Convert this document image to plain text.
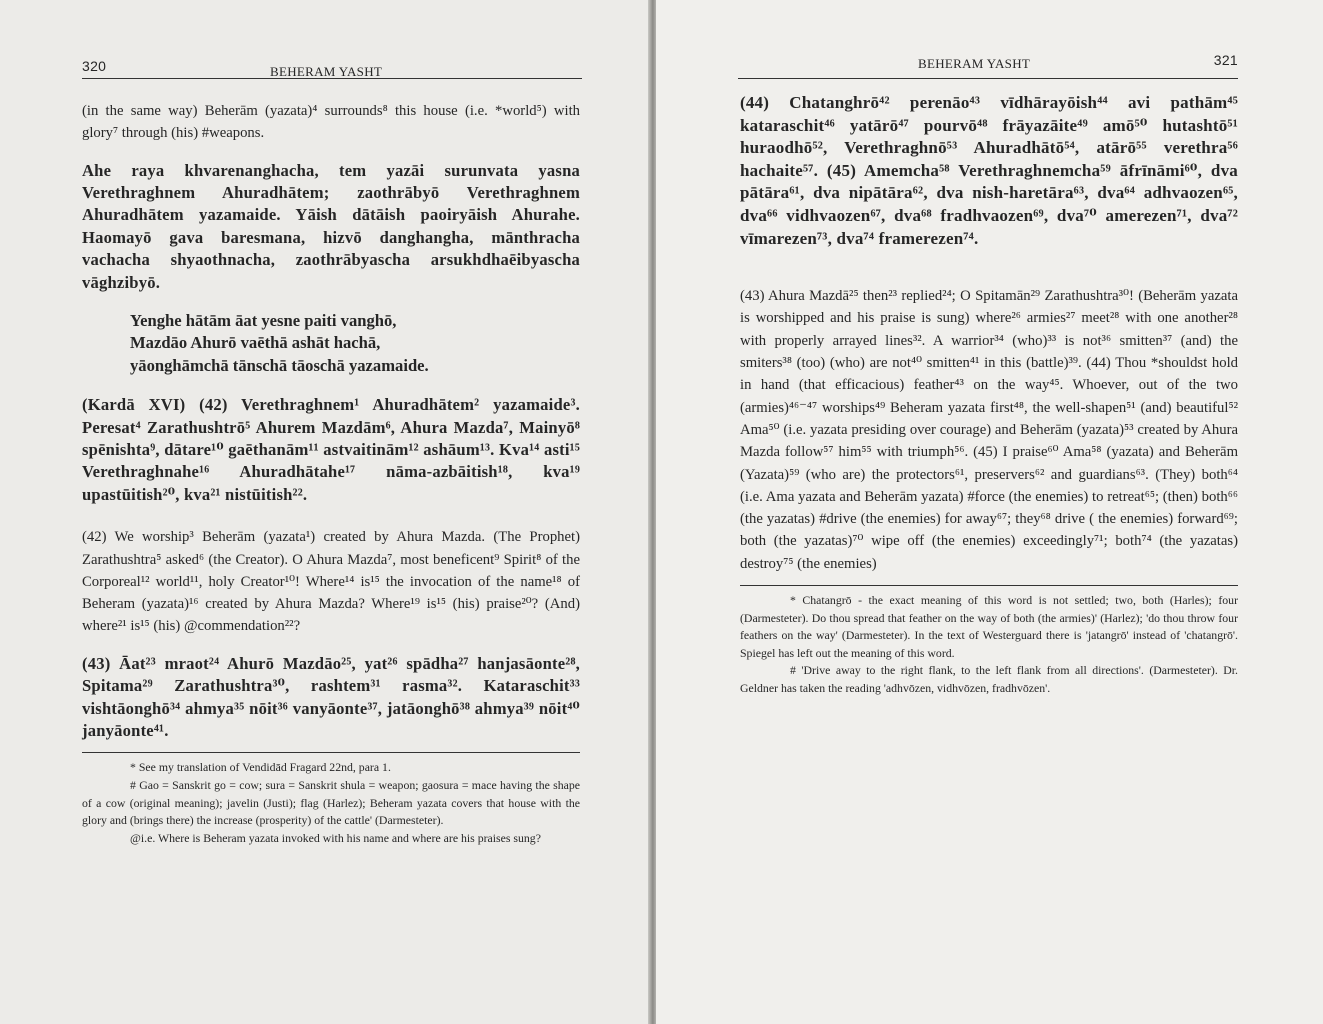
320	BEHERAM YASHT

(in the same way) Beherām (yazata)⁴ surrounds⁸ this house (i.e. *world⁵) with glory⁷ through (his) #weapons.

Ahe raya khvarenanghacha, tem yazāi surunvata yasna Verethraghnem Ahuradhātem; zaothrābyō Verethraghnem Ahuradhātem yazamaide. Yāish dātāish paoiryāish Ahurahe. Haomayō gava baresmana, hizvō danghangha, mānthracha vachacha shyaothnacha, zaothrābyascha arsukhdhaēibyascha vāghzibyō.

Yenghe hātām āat yesne paiti vanghō,
Mazdāo Ahurō vaēthā ashāt hachā,
yāonghāmchā tānschā tāoschā yazamaide.

(Kardā XVI) (42) Verethraghnem¹ Ahuradhātem² yazamaide³. Peresat⁴ Zarathushtrō⁵ Ahurem Mazdām⁶, Ahura Mazda⁷, Mainyō⁸ spēnishta⁹, dātare¹⁰ gaēthanām¹¹ astvaitinām¹² ashāum¹³. Kva¹⁴ asti¹⁵ Verethraghnahe¹⁶ Ahuradhātahe¹⁷ nāma-azbāitish¹⁸, kva¹⁹ upastūitish²⁰, kva²¹ nistūitish²².

(42) We worship³ Beherām (yazata¹) created by Ahura Mazda. (The Prophet) Zarathushtra⁵ asked⁶ (the Creator). O Ahura Mazda⁷, most beneficent⁹ Spirit⁸ of the Corporeal¹² world¹¹, holy Creator¹⁰! Where¹⁴ is¹⁵ the invocation of the name¹⁸ of Beheram (yazata)¹⁶ created by Ahura Mazda? Where¹⁹ is¹⁵ (his) praise²⁰? (And) where²¹ is¹⁵ (his) @commendation²²?

(43) Āat²³ mraot²⁴ Ahurō Mazdāo²⁵, yat²⁶ spādha²⁷ hanjasāonte²⁸, Spitama²⁹ Zarathushtra³⁰, rashtem³¹ rasma³². Kataraschit³³ vishtāonghō³⁴ ahmya³⁵ nōit³⁶ vanyāonte³⁷, jatāonghō³⁸ ahmya³⁹ nōit⁴⁰ janyāonte⁴¹.

* See my translation of Vendidād Fragard 22nd, para 1.

# Gao = Sanskrit go = cow; sura = Sanskrit shula = weapon; gaosura = mace having the shape of a cow (original meaning); javelin (Justi); flag (Harlez); Beheram yazata covers that house with the glory and (brings there) the increase (prosperity) of the cattle' (Darmesteter).

@i.e. Where is Beheram yazata invoked with his name and where are his praises sung?

BEHERAM YASHT	321

(44) Chatanghrō⁴² perenāo⁴³ vīdhārayōish⁴⁴ avi pathām⁴⁵ kataraschit⁴⁶ yatārō⁴⁷ pourvō⁴⁸ frāyazāite⁴⁹ amō⁵⁰ hutashtō⁵¹ huraodhō⁵², Verethraghnō⁵³ Ahuradhātō⁵⁴, atārō⁵⁵ verethra⁵⁶ hachaite⁵⁷. (45) Amemcha⁵⁸ Verethraghnemcha⁵⁹ āfrīnāmi⁶⁰, dva pātāra⁶¹, dva nipātāra⁶², dva nish-haretāra⁶³, dva⁶⁴ adhvaozen⁶⁵, dva⁶⁶ vidhvaozen⁶⁷, dva⁶⁸ fradhvaozen⁶⁹, dva⁷⁰ amerezen⁷¹, dva⁷² vīmarezen⁷³, dva⁷⁴ framerezen⁷⁴.

(43) Ahura Mazdā²⁵ then²³ replied²⁴; O Spitamān²⁹ Zarathushtra³⁰! (Beherām yazata is worshipped and his praise is sung) where²⁶ armies²⁷ meet²⁸ with one another²⁸ with properly arrayed lines³². A warrior³⁴ (who)³³ is not³⁶ smitten³⁷ (and) the smiters³⁸ (too) (who) are not⁴⁰ smitten⁴¹ in this (battle)³⁹. (44) Thou *shouldst hold in hand (that efficacious) feather⁴³ on the way⁴⁵. Whoever, out of the two (armies)⁴⁶⁻⁴⁷ worships⁴⁹ Beheram yazata first⁴⁸, the well-shapen⁵¹ (and) beautiful⁵² Ama⁵⁰ (i.e. yazata presiding over courage) and Beherām (yazata)⁵³ created by Ahura Mazda follow⁵⁷ him⁵⁵ with triumph⁵⁶. (45) I praise⁶⁰ Ama⁵⁸ (yazata) and Beherām (Yazata)⁵⁹ (who are) the protectors⁶¹, preservers⁶² and guardians⁶³. (They) both⁶⁴ (i.e. Ama yazata and Beherām yazata) #force (the enemies) to retreat⁶⁵; (then) both⁶⁶ (the yazatas) #drive (the enemies) for away⁶⁷; they⁶⁸ drive ( the enemies) forward⁶⁹; both (the yazatas)⁷⁰ wipe off (the enemies) exceedingly⁷¹; both⁷⁴ (the yazatas) destroy⁷⁵ (the enemies)

* Chatangrō - the exact meaning of this word is not settled; two, both (Harles); four (Darmesteter). Do thou spread that feather on the way of both (the armies)' (Harlez); 'do thou throw four feathers on the way' (Darmesteter). In the text of Westerguard there is 'jatangrō' instead of 'chatangrō'. Spiegel has left out the meaning of this word.

# 'Drive away to the right flank, to the left flank from all directions'. (Darmesteter). Dr. Geldner has taken the reading 'adhvōzen, vidhvōzen, fradhvōzen'.
